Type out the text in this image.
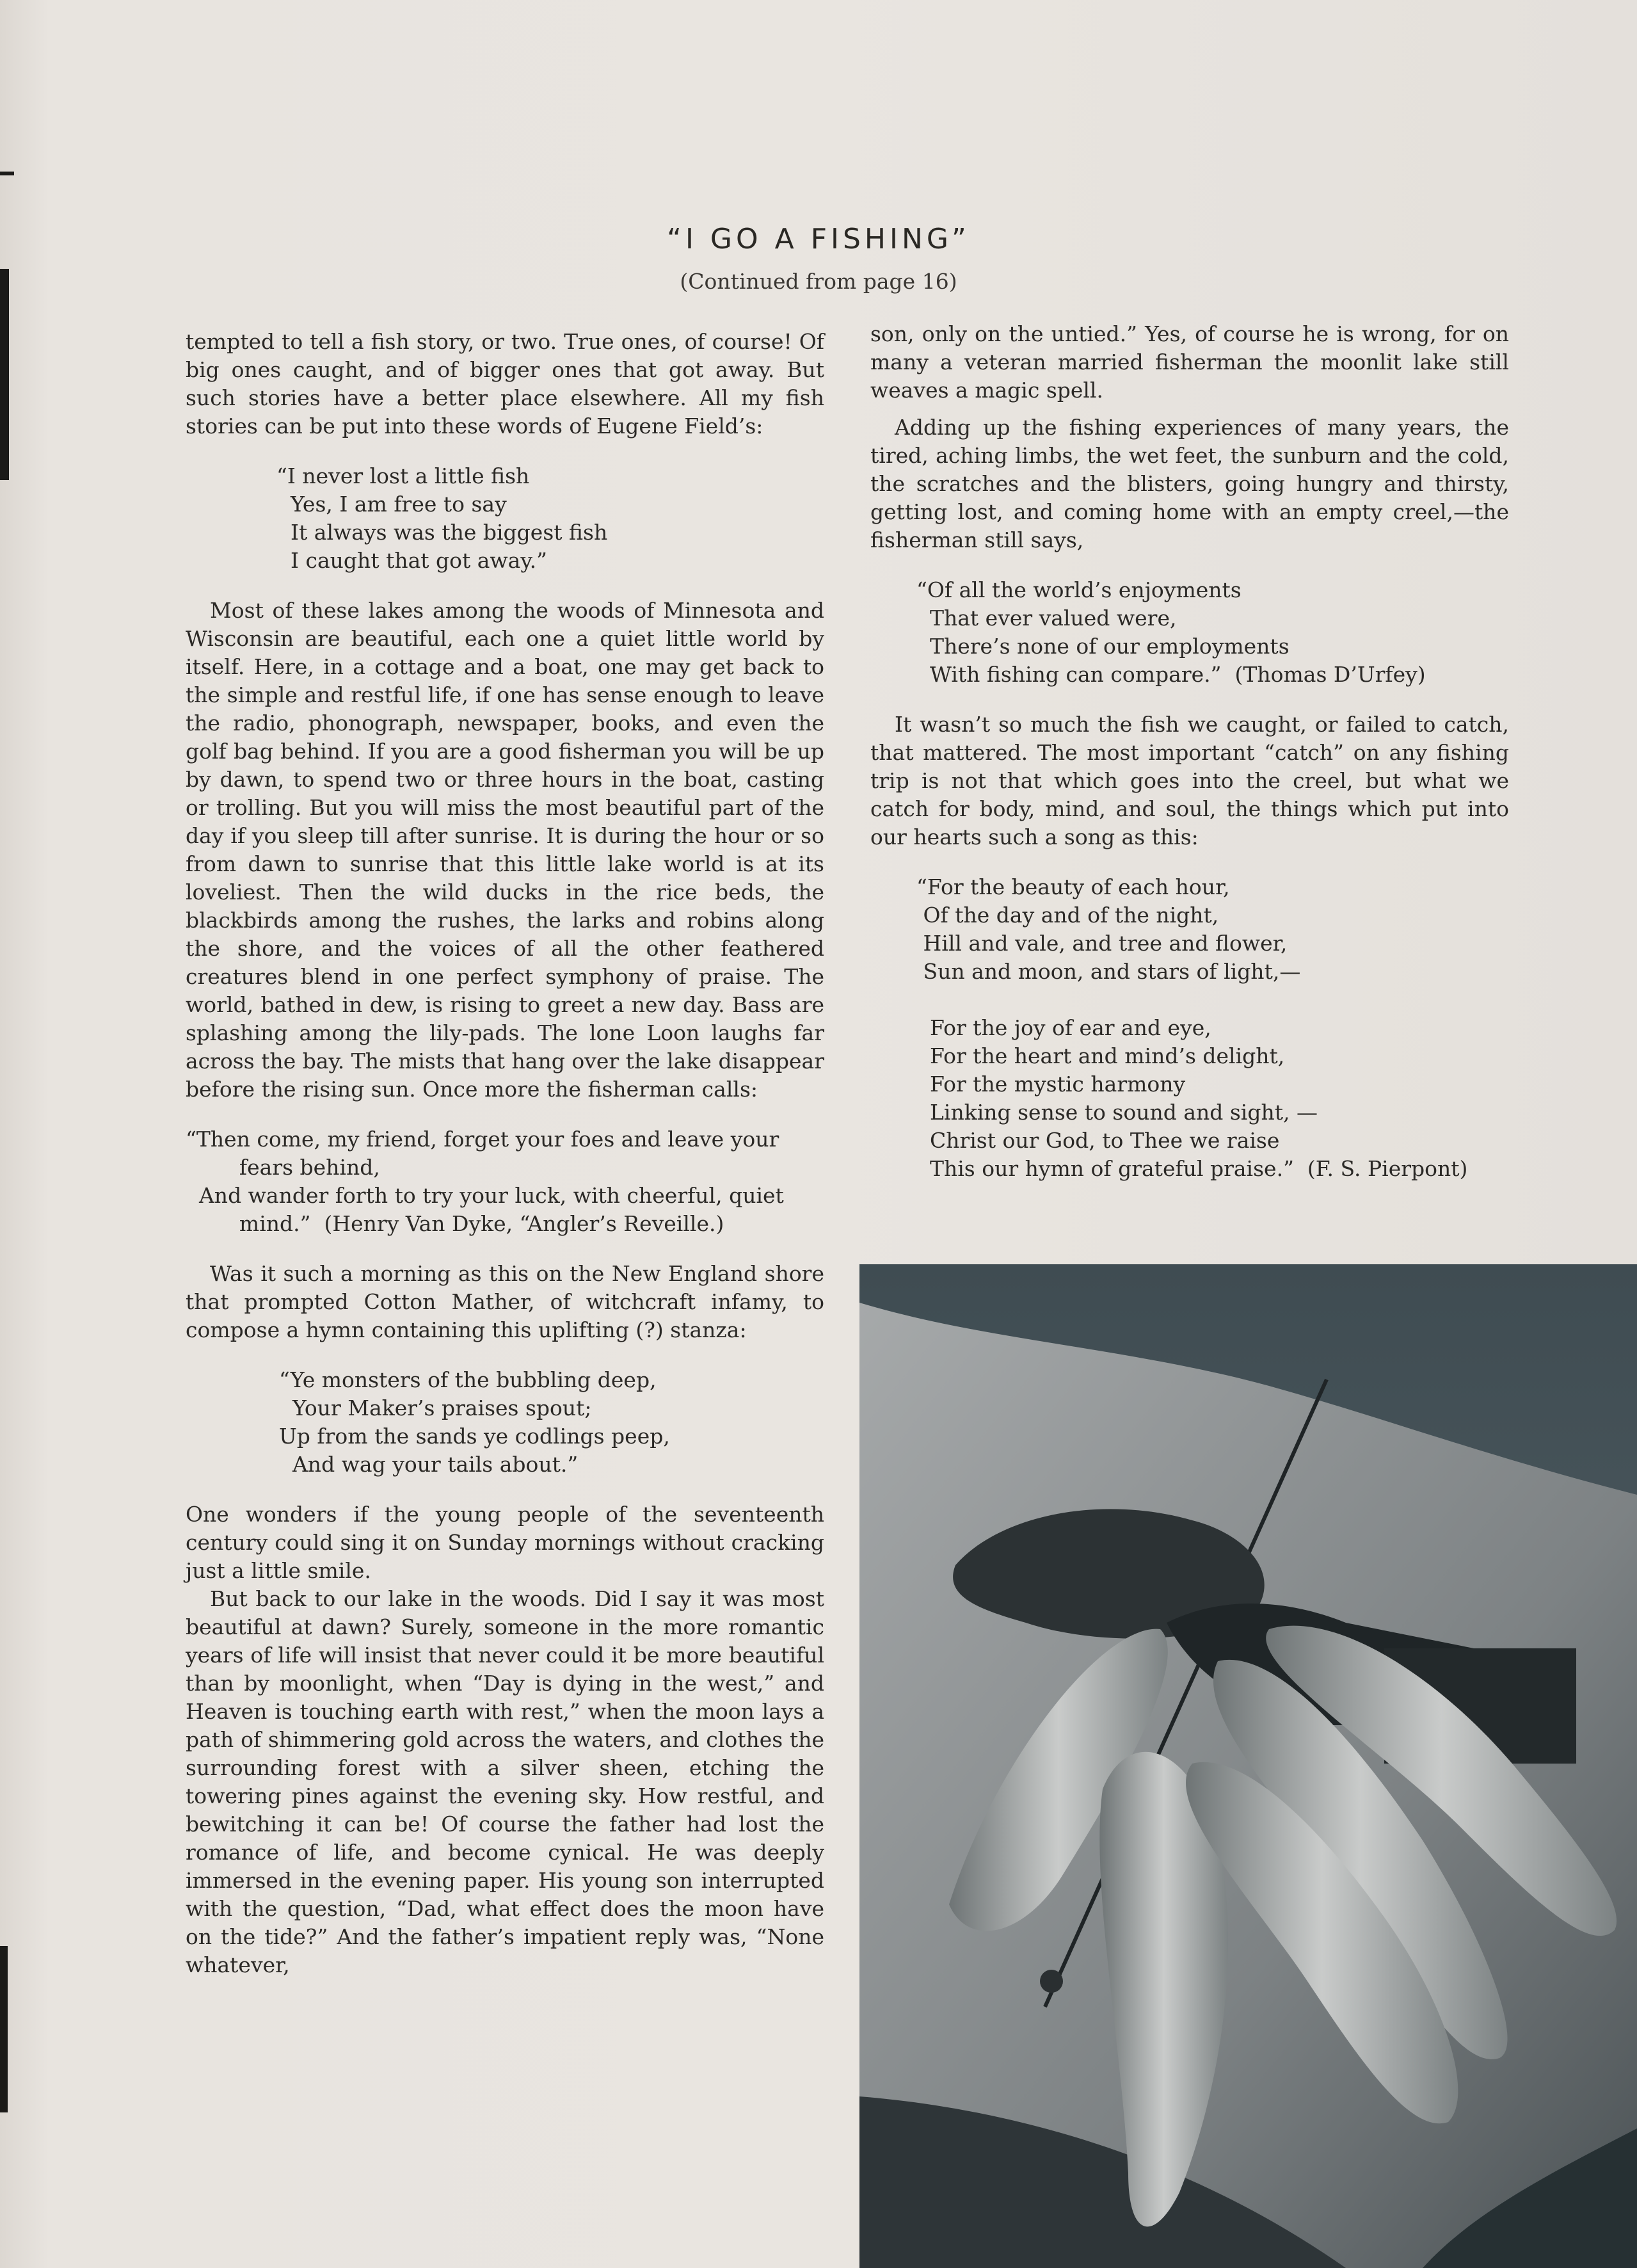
“I GO A FISHING”

(Continued from page 16)

tempted to tell a fish story, or two. True ones, of course! Of big ones caught, and of bigger ones that got away. But such stories have a better place elsewhere. All my fish stories can be put into these words of Eugene Field’s:

“I never lost a little fish

Yes, I am free to say

It always was the biggest fish

I caught that got away.”

Most of these lakes among the woods of Minnesota and Wisconsin are beautiful, each one a quiet little world by itself. Here, in a cottage and a boat, one may get back to the simple and restful life, if one has sense enough to leave the radio, phonograph, newspaper, books, and even the golf bag behind. If you are a good fisherman you will be up by dawn, to spend two or three hours in the boat, casting or trolling. But you will miss the most beautiful part of the day if you sleep till after sunrise. It is during the hour or so from dawn to sunrise that this little lake world is at its loveliest. Then the wild ducks in the rice beds, the blackbirds among the rushes, the larks and robins along the shore, and the voices of all the other feathered creatures blend in one perfect symphony of praise. The world, bathed in dew, is rising to greet a new day. Bass are splashing among the lily-pads. The lone Loon laughs far across the bay. The mists that hang over the lake disappear before the rising sun. Once more the fisherman calls:

“Then come, my friend, forget your foes and leave your

fears behind,

And wander forth to try your luck, with cheerful, quiet

mind.”  (Henry Van Dyke, “Angler’s Reveille.)

Was it such a morning as this on the New England shore that prompted Cotton Mather, of witchcraft infamy, to compose a hymn containing this uplifting (?) stanza:

“Ye monsters of the bubbling deep,

Your Maker’s praises spout;

Up from the sands ye codlings peep,

And wag your tails about.”

One wonders if the young people of the seventeenth century could sing it on Sunday mornings without cracking just a little smile.

But back to our lake in the woods. Did I say it was most beautiful at dawn? Surely, someone in the more romantic years of life will insist that never could it be more beautiful than by moonlight, when “Day is dying in the west,” and Heaven is touching earth with rest,” when the moon lays a path of shimmering gold across the waters, and clothes the surrounding forest with a silver sheen, etching the towering pines against the evening sky. How restful, and bewitching it can be! Of course the father had lost the romance of life, and become cynical. He was deeply immersed in the evening paper. His young son interrupted with the question, “Dad, what effect does the moon have on the tide?” And the father’s impatient reply was, “None whatever,

son, only on the untied.” Yes, of course he is wrong, for on many a veteran married fisherman the moonlit lake still weaves a magic spell.

Adding up the fishing experiences of many years, the tired, aching limbs, the wet feet, the sunburn and the cold, the scratches and the blisters, going hungry and thirsty, getting lost, and coming home with an empty creel,—the fisherman still says,

“Of all the world’s enjoyments

That ever valued were,

There’s none of our employments

With fishing can compare.”  (Thomas D’Urfey)

It wasn’t so much the fish we caught, or failed to catch, that mattered. The most important “catch” on any fishing trip is not that which goes into the creel, but what we catch for body, mind, and soul, the things which put into our hearts such a song as this:

“For the beauty of each hour,

Of the day and of the night,

Hill and vale, and tree and flower,

Sun and moon, and stars of light,—

For the joy of ear and eye,

For the heart and mind’s delight,

For the mystic harmony

Linking sense to sound and sight, —

Christ our God, to Thee we raise

This our hymn of grateful praise.”  (F. S. Pierpont)
